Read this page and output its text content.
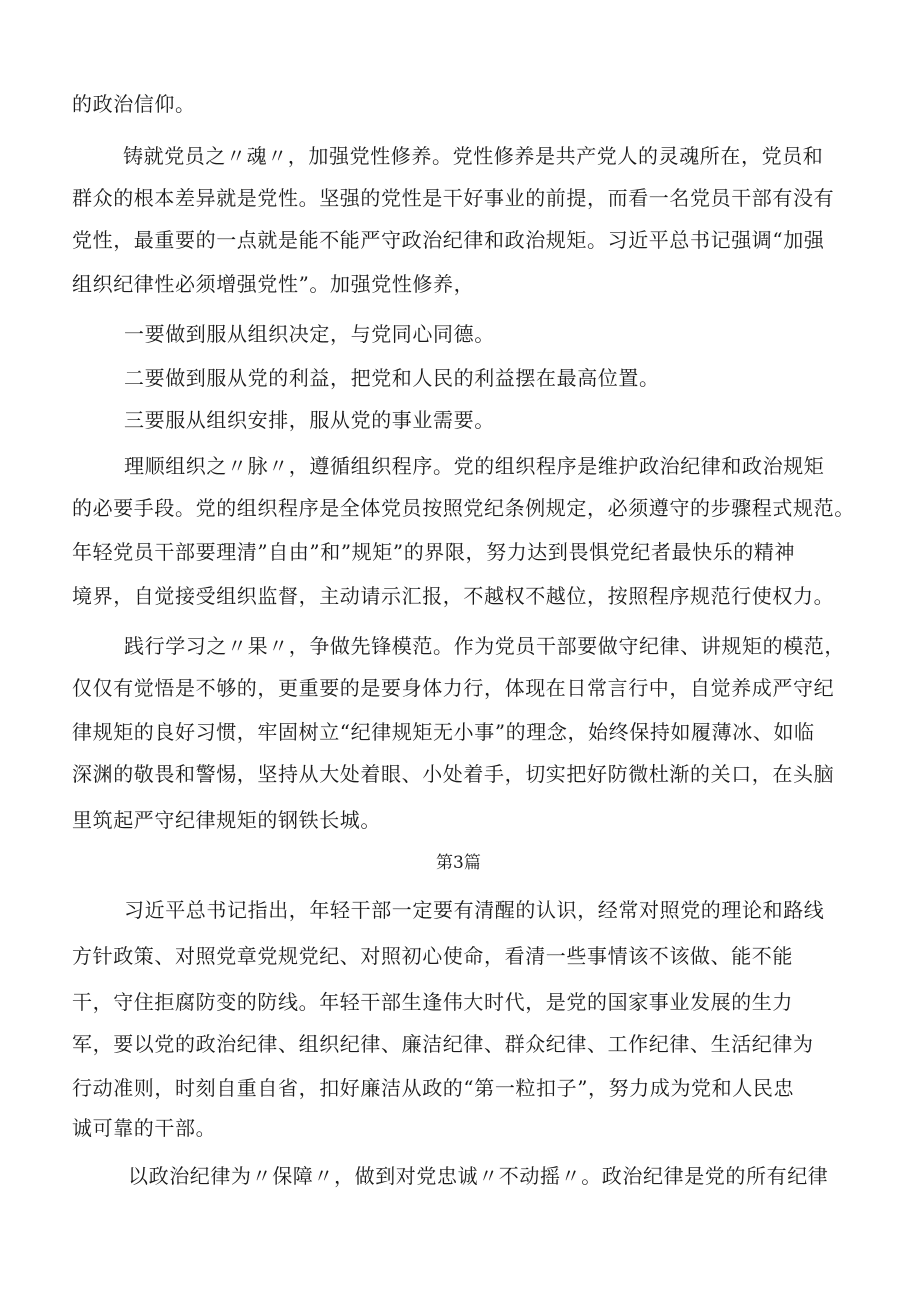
的政治信仰。
铸就党员之〃魂〃，加强党性修养。党性修养是共产党人的灵魂所在，党员和
群众的根本差异就是党性。坚强的党性是干好事业的前提，而看一名党员干部有没有
党性，最重要的一点就是能不能严守政治纪律和政治规矩。习近平总书记强调“加强
组织纪律性必须增强党性”。加强党性修养，
一要做到服从组织决定，与党同心同德。
二要做到服从党的利益，把党和人民的利益摆在最高位置。
三要服从组织安排，服从党的事业需要。
理顺组织之〃脉〃，遵循组织程序。党的组织程序是维护政治纪律和政治规矩
的必要手段。党的组织程序是全体党员按照党纪条例规定，必须遵守的步骤程式规范。
年轻党员干部要理清”自由”和”规矩”的界限，努力达到畏惧党纪者最快乐的精神
境界，自觉接受组织监督，主动请示汇报，不越权不越位，按照程序规范行使权力。
践行学习之〃果〃，争做先锋模范。作为党员干部要做守纪律、讲规矩的模范，
仅仅有觉悟是不够的，更重要的是要身体力行，体现在日常言行中，自觉养成严守纪
律规矩的良好习惯，牢固树立“纪律规矩无小事”的理念，始终保持如履薄冰、如临
深渊的敬畏和警惕，坚持从大处着眼、小处着手，切实把好防微杜渐的关口，在头脑
里筑起严守纪律规矩的钢铁长城。
第3篇
习近平总书记指出，年轻干部一定要有清醒的认识，经常对照党的理论和路线
方针政策、对照党章党规党纪、对照初心使命，看清一些事情该不该做、能不能
干，守住拒腐防变的防线。年轻干部生逢伟大时代，是党的国家事业发展的生力
军，要以党的政治纪律、组织纪律、廉洁纪律、群众纪律、工作纪律、生活纪律为
行动准则，时刻自重自省，扣好廉洁从政的“第一粒扣子”，努力成为党和人民忠
诚可靠的干部。
以政治纪律为〃保障〃，做到对党忠诚〃不动摇〃。政治纪律是党的所有纪律
